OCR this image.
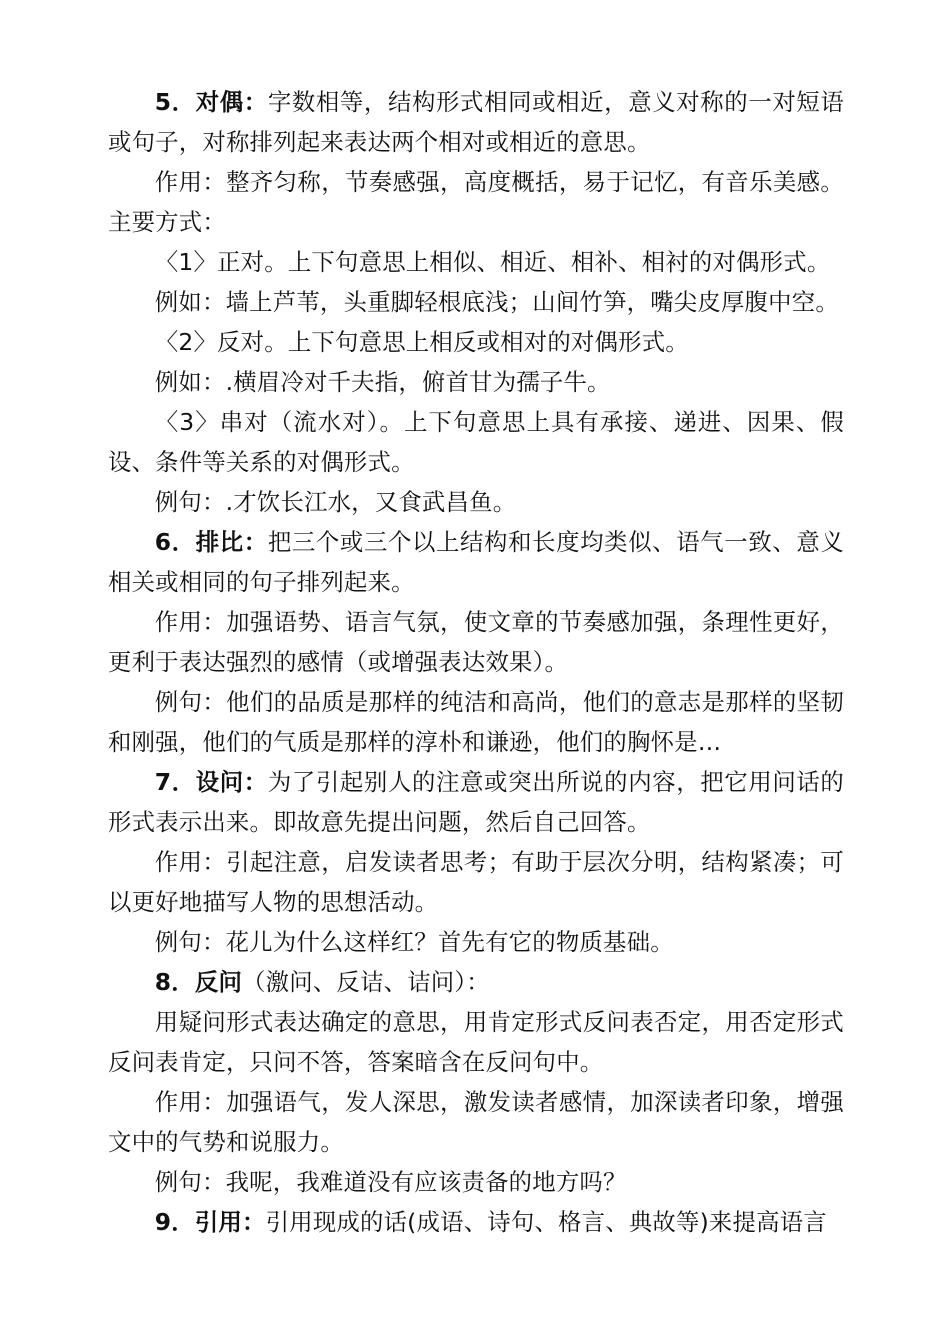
5．对偶：字数相等，结构形式相同或相近，意义对称的一对短语或句子，对称排列起来表达两个相对或相近的意思。

作用：整齐匀称，节奏感强，高度概括，易于记忆，有音乐美感。主要方式：

〈1〉正对。上下句意思上相似、相近、相补、相衬的对偶形式。

例如：墙上芦苇，头重脚轻根底浅；山间竹笋，嘴尖皮厚腹中空。

〈2〉反对。上下句意思上相反或相对的对偶形式。

例如：.横眉冷对千夫指，俯首甘为孺子牛。

〈3〉串对（流水对）。上下句意思上具有承接、递进、因果、假设、条件等关系的对偶形式。

例句：.才饮长江水，又食武昌鱼。

6．排比：把三个或三个以上结构和长度均类似、语气一致、意义相关或相同的句子排列起来。

作用：加强语势、语言气氛，使文章的节奏感加强，条理性更好，更利于表达强烈的感情（或增强表达效果）。

例句：他们的品质是那样的纯洁和高尚，他们的意志是那样的坚韧和刚强，他们的气质是那样的淳朴和谦逊，他们的胸怀是…

7．设问：为了引起别人的注意或突出所说的内容，把它用问话的形式表示出来。即故意先提出问题，然后自己回答。

作用：引起注意，启发读者思考；有助于层次分明，结构紧凑；可以更好地描写人物的思想活动。

例句：花儿为什么这样红？首先有它的物质基础。

8．反问（激问、反诘、诘问）：

用疑问形式表达确定的意思，用肯定形式反问表否定，用否定形式反问表肯定，只问不答，答案暗含在反问句中。

作用：加强语气，发人深思，激发读者感情，加深读者印象，增强文中的气势和说服力。

例句：我呢，我难道没有应该责备的地方吗？

9．引用：引用现成的话(成语、诗句、格言、典故等)来提高语言
